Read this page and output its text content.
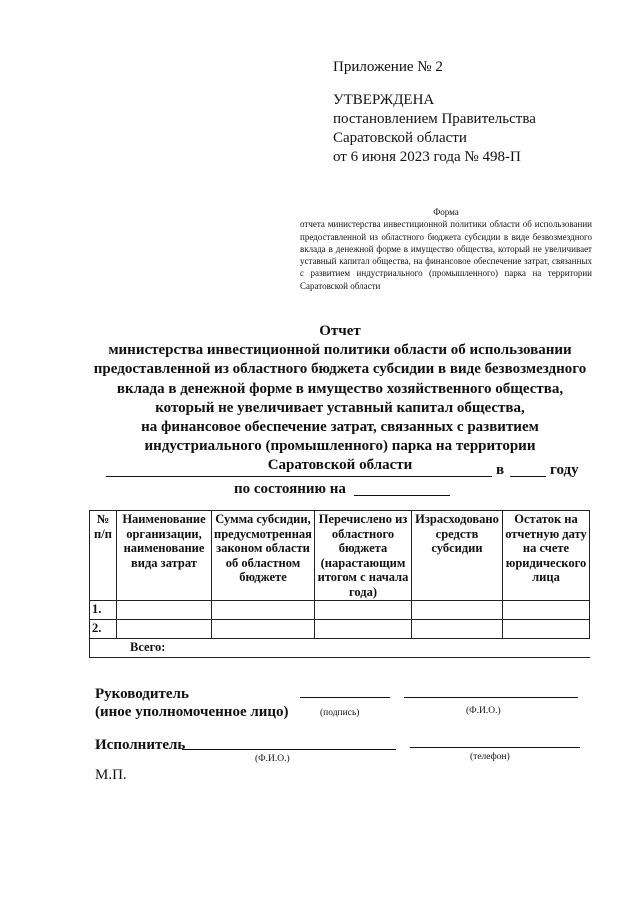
Приложение № 2
УТВЕРЖДЕНА
постановлением Правительства
Саратовской области
от 6 июня 2023 года № 498-П
Форма
отчета министерства инвестиционной политики области об использовании предоставленной из областного бюджета субсидии в виде безвозмездного вклада в денежной форме в имущество общества, который не увеличивает уставный капитал общества, на финансовое обеспечение затрат, связанных с развитием индустриального (промышленного) парка на территории Саратовской области
Отчет
министерства инвестиционной политики области об использовании
предоставленной из областного бюджета субсидии в виде безвозмездного
вклада в денежной форме в имущество хозяйственного общества,
который не увеличивает уставный капитал общества,
на финансовое обеспечение затрат, связанных с развитием
индустриального (промышленного) парка на территории
Саратовской области	в	году
по состоянию на
№ п/п	Наименование организации, наименование вида затрат	Сумма субсидии, предусмотренная законом области об областном бюджете	Перечислено из областного бюджета (нарастающим итогом с начала года)	Израсходовано средств субсидии	Остаток на отчетную дату на счете юридического лица
1.					
2.					
Всего:					
Руководитель
(иное уполномоченное лицо)	(подпись)	(Ф.И.О.)
Исполнитель
(Ф.И.О.)	(телефон)
М.П.
